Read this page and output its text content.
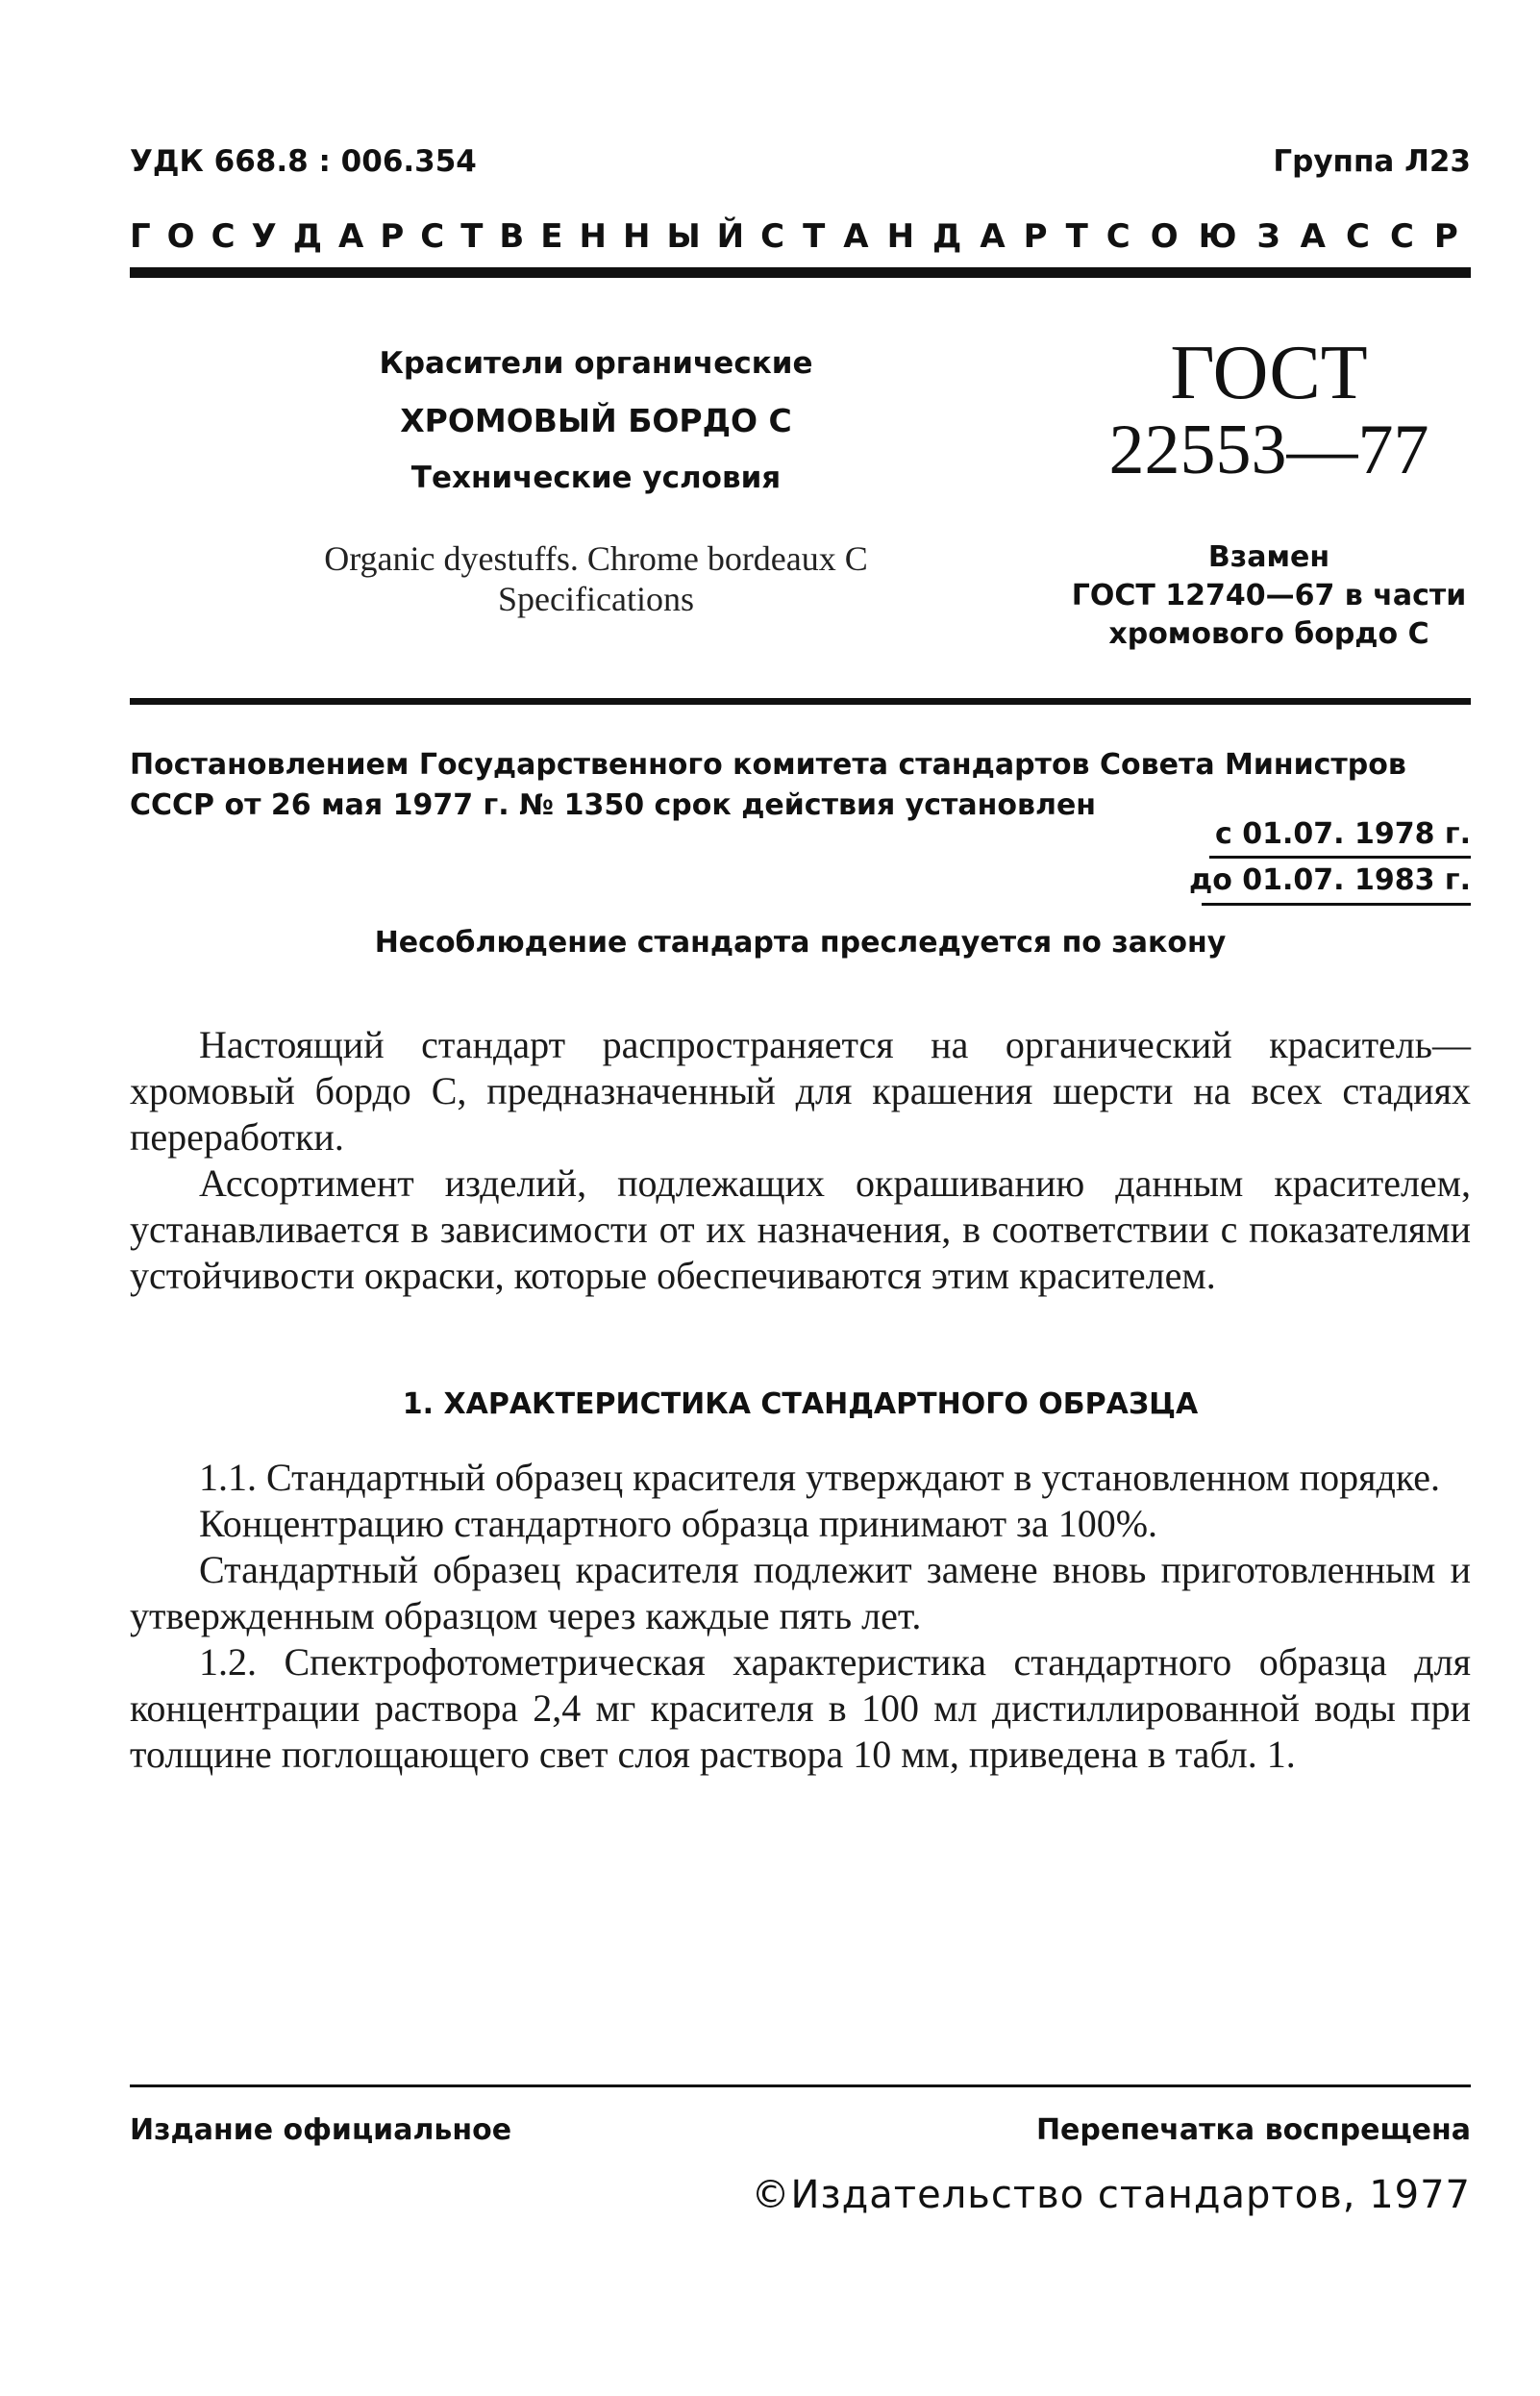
УДК 668.8 : 006.354	Группа Л23
ГОСУДАРСТВЕННЫЙ СТАНДАРТ СОЮЗА ССР
Красители органические
ХРОМОВЫЙ БОРДО С
Технические условия
Organic dyestuffs. Chrome bordeaux C
Specifications
ГОСТ
22553—77
Взамен
ГОСТ 12740—67 в части
хромового бордо С
Постановлением Государственного комитета стандартов Совета Министров СССР от 26 мая 1977 г. № 1350 срок действия установлен
с 01.07. 1978 г.
до 01.07. 1983 г.
Несоблюдение стандарта преследуется по закону

Настоящий стандарт распространяется на органический краситель—хромовый бордо С, предназначенный для крашения шерсти на всех стадиях переработки.

Ассортимент изделий, подлежащих окрашиванию данным красителем, устанавливается в зависимости от их назначения, в соответствии с показателями устойчивости окраски, которые обеспечиваются этим красителем.

1. ХАРАКТЕРИСТИКА СТАНДАРТНОГО ОБРАЗЦА

1.1. Стандартный образец красителя утверждают в установленном порядке.

Концентрацию стандартного образца принимают за 100%.

Стандартный образец красителя подлежит замене вновь приготовленным и утвержденным образцом через каждые пять лет.

1.2. Спектрофотометрическая характеристика стандартного образца для концентрации раствора 2,4 мг красителя в 100 мл дистиллированной воды при толщине поглощающего свет слоя раствора 10 мм, приведена в табл. 1.

Издание официальное	Перепечатка воспрещена
©Издательство стандартов, 1977
